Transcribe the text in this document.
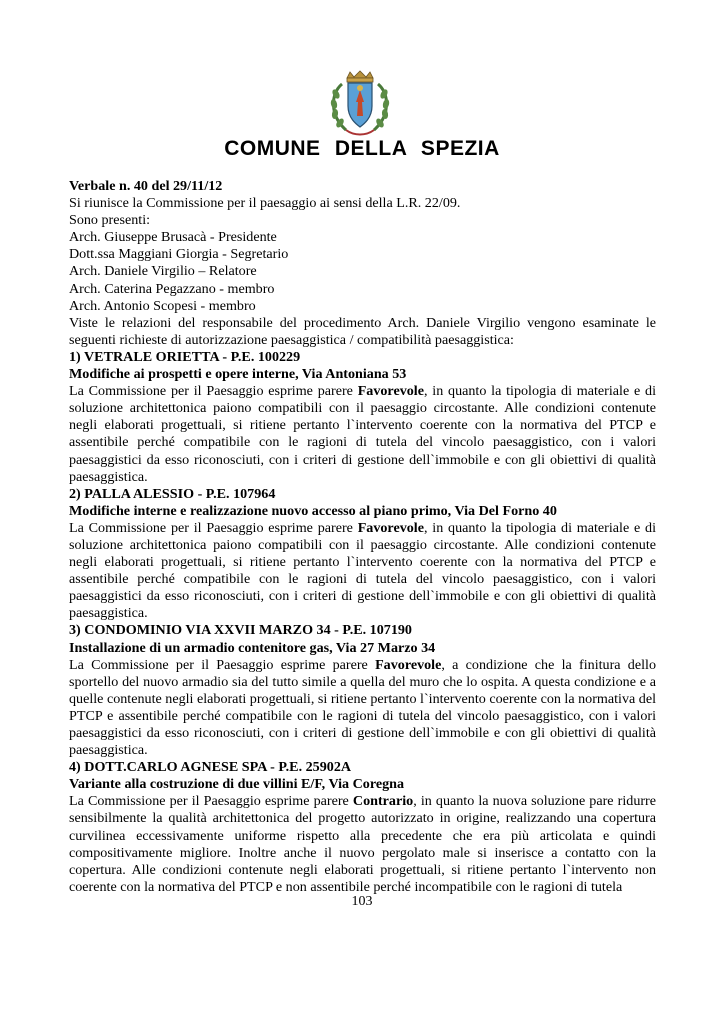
COMUNE DELLA SPEZIA

Verbale n. 40 del 29/11/12

Si riunisce la Commissione per il paesaggio ai sensi della L.R. 22/09.

Sono presenti:

Arch. Giuseppe Brusacà - Presidente

Dott.ssa Maggiani Giorgia - Segretario

Arch. Daniele Virgilio – Relatore

Arch. Caterina Pegazzano - membro

Arch. Antonio Scopesi - membro

Viste le relazioni del responsabile del procedimento Arch. Daniele Virgilio vengono esaminate le seguenti richieste di autorizzazione paesaggistica / compatibilità paesaggistica:

1) VETRALE ORIETTA - P.E. 100229

Modifiche ai prospetti e opere interne, Via Antoniana 53

La Commissione per il Paesaggio esprime parere Favorevole, in quanto la tipologia di materiale e di soluzione architettonica paiono compatibili con il paesaggio circostante. Alle condizioni contenute negli elaborati progettuali, si ritiene pertanto l`intervento coerente con la normativa del PTCP e assentibile perché compatibile con le ragioni di tutela del vincolo paesaggistico, con i valori paesaggistici da esso riconosciuti, con i criteri di gestione dell`immobile e con gli obiettivi di qualità paesaggistica.

2) PALLA ALESSIO - P.E. 107964

Modifiche interne e realizzazione nuovo accesso al piano primo, Via Del Forno 40

La Commissione per il Paesaggio esprime parere Favorevole, in quanto la tipologia di materiale e di soluzione architettonica paiono compatibili con il paesaggio circostante. Alle condizioni contenute negli elaborati progettuali, si ritiene pertanto l`intervento coerente con la normativa del PTCP e assentibile perché compatibile con le ragioni di tutela del vincolo paesaggistico, con i valori paesaggistici da esso riconosciuti, con i criteri di gestione dell`immobile e con gli obiettivi di qualità paesaggistica.

3) CONDOMINIO VIA XXVII MARZO 34 - P.E. 107190

Installazione di un armadio contenitore gas, Via 27 Marzo 34

La Commissione per il Paesaggio esprime parere Favorevole, a condizione che la finitura dello sportello del nuovo armadio sia del tutto simile a quella del muro che lo ospita. A questa condizione e a quelle contenute negli elaborati progettuali, si ritiene pertanto l`intervento coerente con la normativa del PTCP e assentibile perché compatibile con le ragioni di tutela del vincolo paesaggistico, con i valori paesaggistici da esso riconosciuti, con i criteri di gestione dell`immobile e con gli obiettivi di qualità paesaggistica.

4) DOTT.CARLO AGNESE SPA - P.E. 25902A

Variante alla costruzione di due villini E/F, Via Coregna

La Commissione per il Paesaggio esprime parere Contrario, in quanto la nuova soluzione pare ridurre sensibilmente la qualità architettonica del progetto autorizzato in origine, realizzando una copertura curvilinea eccessivamente uniforme rispetto alla precedente che era più articolata e quindi compositivamente migliore. Inoltre anche il nuovo pergolato male si inserisce a contatto con la copertura. Alle condizioni contenute negli elaborati progettuali, si ritiene pertanto l`intervento non coerente con la normativa del PTCP e non assentibile perché incompatibile con le ragioni di tutela

103
